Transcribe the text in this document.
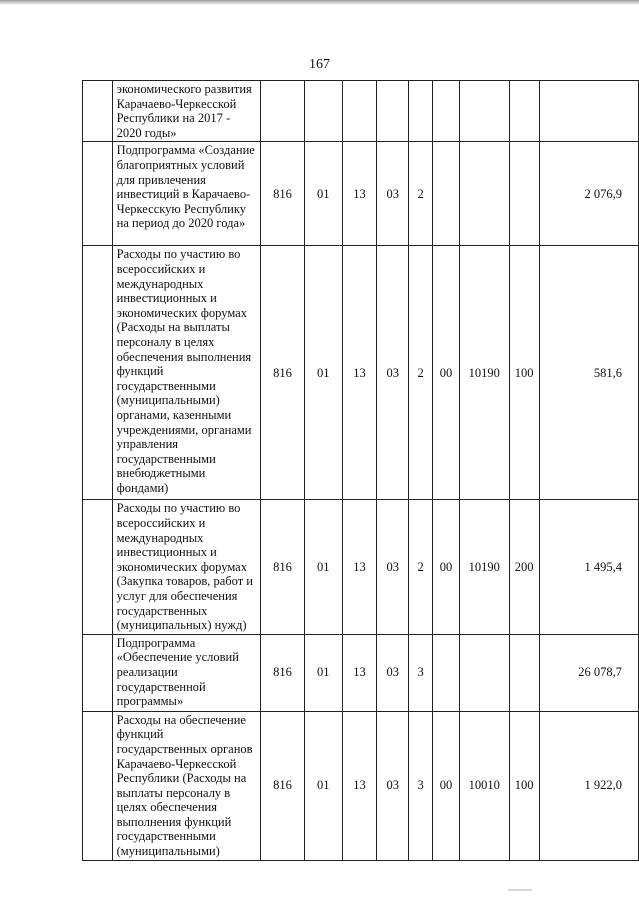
167
	экономического развития Карачаево-Черкесской Республики на 2017 - 2020 годы»									
	Подпрограмма «Создание благоприятных условий для привлечения инвестиций в Карачаево-Черкесскую Республику на период до 2020 года»	816	01	13	03	2				2 076,9
	Расходы по участию во всероссийских и международных инвестиционных и экономических форумах (Расходы на выплаты персоналу в целях обеспечения выполнения функций государственными (муниципальными) органами, казенными учреждениями, органами управления государственными внебюджетными фондами)	816	01	13	03	2	00	10190	100	581,6
	Расходы по участию во всероссийских и международных инвестиционных и экономических форумах (Закупка товаров, работ и услуг для обеспечения государственных (муниципальных) нужд)	816	01	13	03	2	00	10190	200	1 495,4
	Подпрограмма «Обеспечение условий реализации государственной программы»	816	01	13	03	3				26 078,7
	Расходы на обеспечение функций государственных органов Карачаево-Черкесской Республики (Расходы на выплаты персоналу в целях обеспечения выполнения функций государственными (муниципальными)	816	01	13	03	3	00	10010	100	1 922,0
